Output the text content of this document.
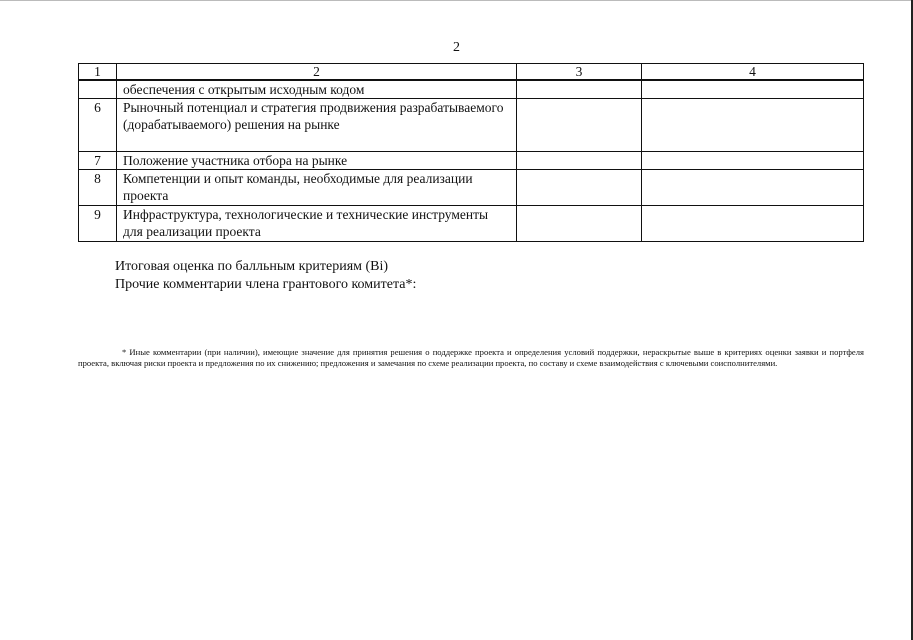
2
1	2	3	4
	обеспечения с открытым исходным кодом		
6	Рыночный потенциал и стратегия продвижения разрабатываемого (дорабатываемого) решения на рынке		
7	Положение участника отбора на рынке		
8	Компетенции и опыт команды, необходимые для реализации проекта		
9	Инфраструктура, технологические и технические инструменты для реализации проекта		
Итоговая оценка по балльным критериям (Bi)
Прочие комментарии члена грантового комитета*:
* Иные комментарии (при наличии), имеющие значение для принятия решения о поддержке проекта и определения условий поддержки, нераскрытые выше в критериях оценки заявки и портфеля проекта, включая риски проекта и предложения по их снижению; предложения и замечания по схеме реализации проекта, по составу и схеме взаимодействия с ключевыми соисполнителями.
